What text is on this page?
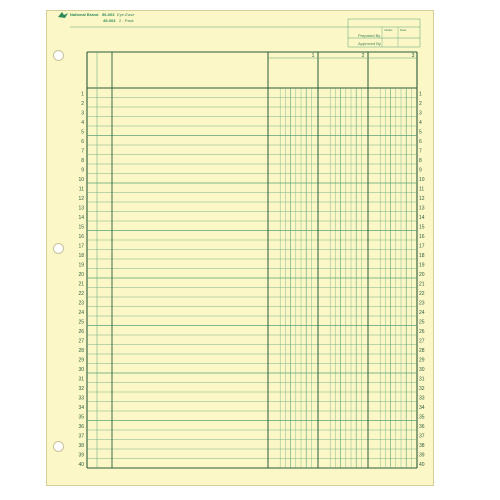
National Brand 56-003 Eye-Ease
45-003 2 - Pack
Initials Date
Prepared By
Approved By
1	2	3
1	1
2	2
3	3
4	4
5	5
6	6
7	7
8	8
9	9
10	10
11	11
12	12
13	13
14	14
15	15
16	16
17	17
18	18
19	19
20	20
21	21
22	22
23	23
24	24
25	25
26	26
27	27
28	28
29	29
30	30
31	31
32	32
33	33
34	34
35	35
36	36
37	37
38	38
39	39
40	40
